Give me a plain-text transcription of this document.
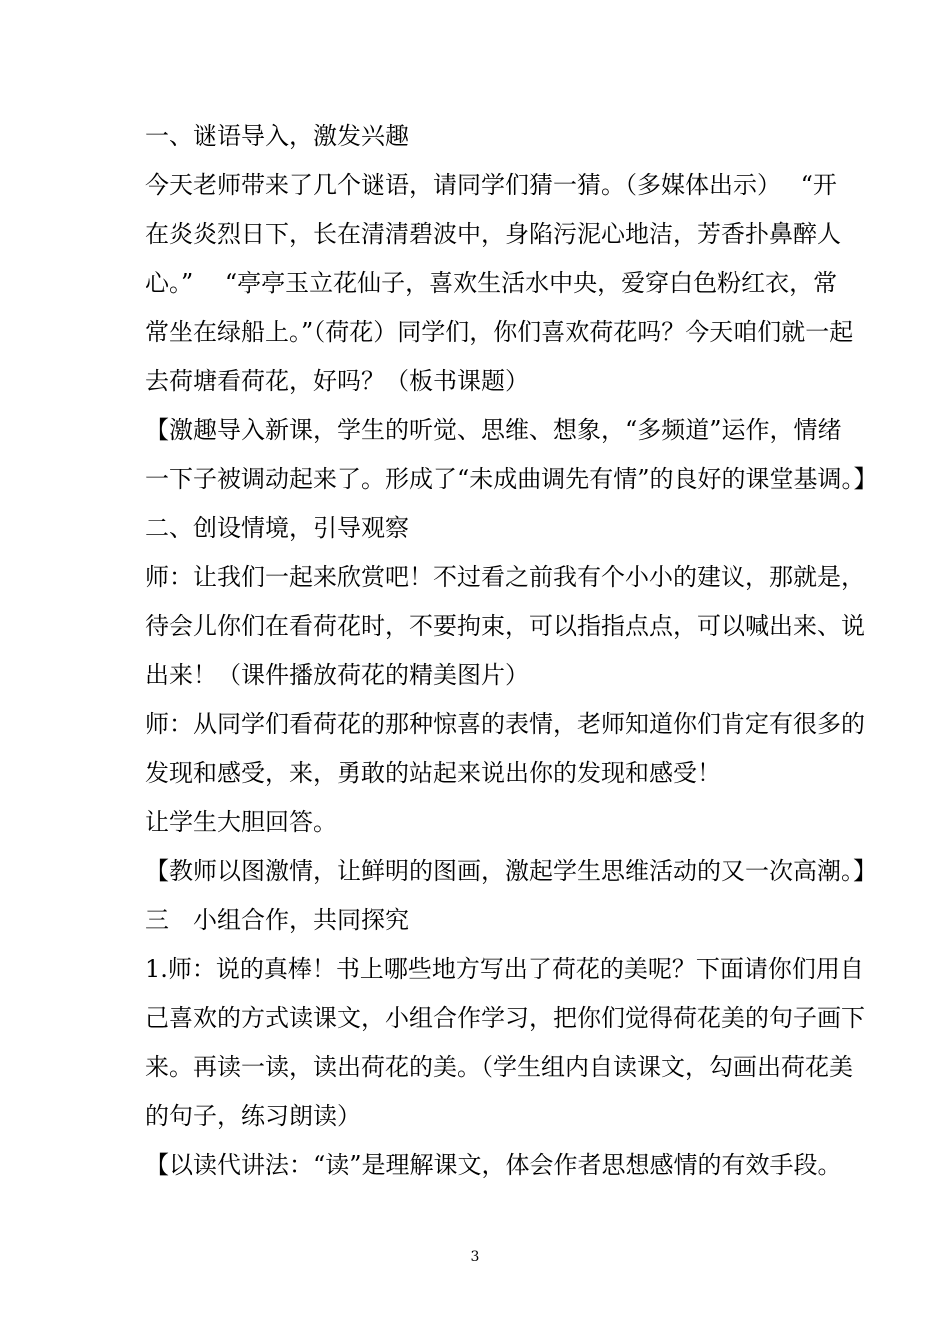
一、谜语导入，激发兴趣
今天老师带来了几个谜语，请同学们猜一猜。（多媒体出示）　 “开
在炎炎烈日下，长在清清碧波中，身陷污泥心地洁，芳香扑鼻醉人
心。”　 “亭亭玉立花仙子，喜欢生活水中央，爱穿白色粉红衣，常
常坐在绿船上。”（荷花）同学们，你们喜欢荷花吗？今天咱们就一起
去荷塘看荷花，好吗？（板书课题）
【激趣导入新课，学生的听觉、思维、想象，“多频道”运作，情绪
一下子被调动起来了。形成了“未成曲调先有情”的良好的课堂基调。】
二、创设情境，引导观察
师：让我们一起来欣赏吧！不过看之前我有个小小的建议，那就是，
待会儿你们在看荷花时，不要拘束，可以指指点点，可以喊出来、说
出来！（课件播放荷花的精美图片）
师：从同学们看荷花的那种惊喜的表情，老师知道你们肯定有很多的
发现和感受，来，勇敢的站起来说出你的发现和感受！
让学生大胆回答。
【教师以图激情，让鲜明的图画，激起学生思维活动的又一次高潮。】
三　小组合作，共同探究
1.师：说的真棒！书上哪些地方写出了荷花的美呢？下面请你们用自
己喜欢的方式读课文，小组合作学习，把你们觉得荷花美的句子画下
来。再读一读，读出荷花的美。（学生组内自读课文，勾画出荷花美
的句子，练习朗读）
【以读代讲法：“读”是理解课文，体会作者思想感情的有效手段。
3
